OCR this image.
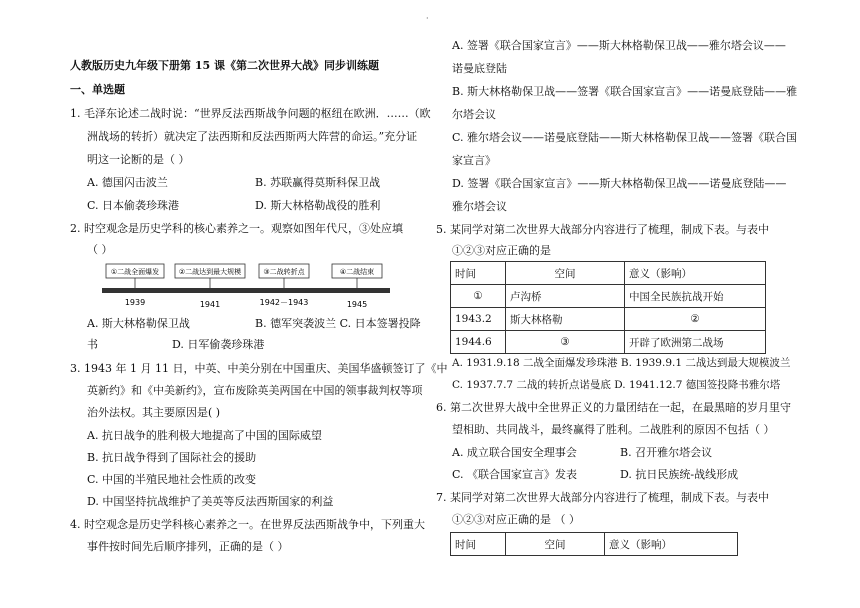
·
人教版历史九年级下册第 15 课《第二次世界大战》同步训练题
一、单选题
1. 毛泽东论述二战时说：“世界反法西斯战争问题的枢纽在欧洲．……（欧
洲战场的转折）就决定了法西斯和反法西斯两大阵营的命运。”充分证
明这一论断的是（ ）
A. 德国闪击波兰	B. 苏联赢得莫斯科保卫战
C. 日本偷袭珍珠港	D. 斯大林格勒战役的胜利
2. 时空观念是历史学科的核心素养之一。观察如图年代尺，③处应填
（ ）
①二战全面爆发	②二战达到最大规模	③二战转折点	④二战结束
1939	1941	1942－1943	1945
A. 斯大林格勒保卫战	B. 德军突袭波兰 C. 日本签署投降
书	D. 日军偷袭珍珠港
3. 1943 年 1 月 11 日，中英、中美分别在中国重庆、美国华盛顿签订了《中
英新约》和《中美新约》，宣布废除英美两国在中国的领事裁判权等项
治外法权。其主要原因是( )
A. 抗日战争的胜利极大地提高了中国的国际威望
B. 抗日战争得到了国际社会的援助
C. 中国的半殖民地社会性质的改变
D. 中国坚持抗战维护了美英等反法西斯国家的利益
4. 时空观念是历史学科核心素养之一。在世界反法西斯战争中，下列重大
事件按时间先后顺序排列，正确的是（ ）
A. 签署《联合国家宣言》——斯大林格勒保卫战——雅尔塔会议——
诺曼底登陆
B. 斯大林格勒保卫战——签署《联合国家宣言》——诺曼底登陆——雅
尔塔会议
C. 雅尔塔会议——诺曼底登陆——斯大林格勒保卫战——签署《联合国
家宣言》
D. 签署《联合国家宣言》——斯大林格勒保卫战——诺曼底登陆——
雅尔塔会议
5. 某同学对第二次世界大战部分内容进行了梳理，制成下表。与表中
①②③对应正确的是
时间	空间	意义（影响）
①	卢沟桥	中国全民族抗战开始
1943.2	斯大林格勒	②
1944.6	③	开辟了欧洲第二战场
A. 1931.9.18 二战全面爆发珍珠港 B. 1939.9.1 二战达到最大规模波兰
C. 1937.7.7 二战的转折点诺曼底 D. 1941.12.7 德国签投降书雅尔塔
6. 第二次世界大战中全世界正义的力量团结在一起，在最黑暗的岁月里守
望相助、共同战斗，最终赢得了胜利。二战胜利的原因不包括（ ）
A. 成立联合国安全理事会	B. 召开雅尔塔会议
C. 《联合国家宣言》发表	D. 抗日民族统-战线形成
7. 某同学对第二次世界大战部分内容进行了梳理，制成下表。与表中
①②③对应正确的是 （ ）
时间	空间	意义（影响）
